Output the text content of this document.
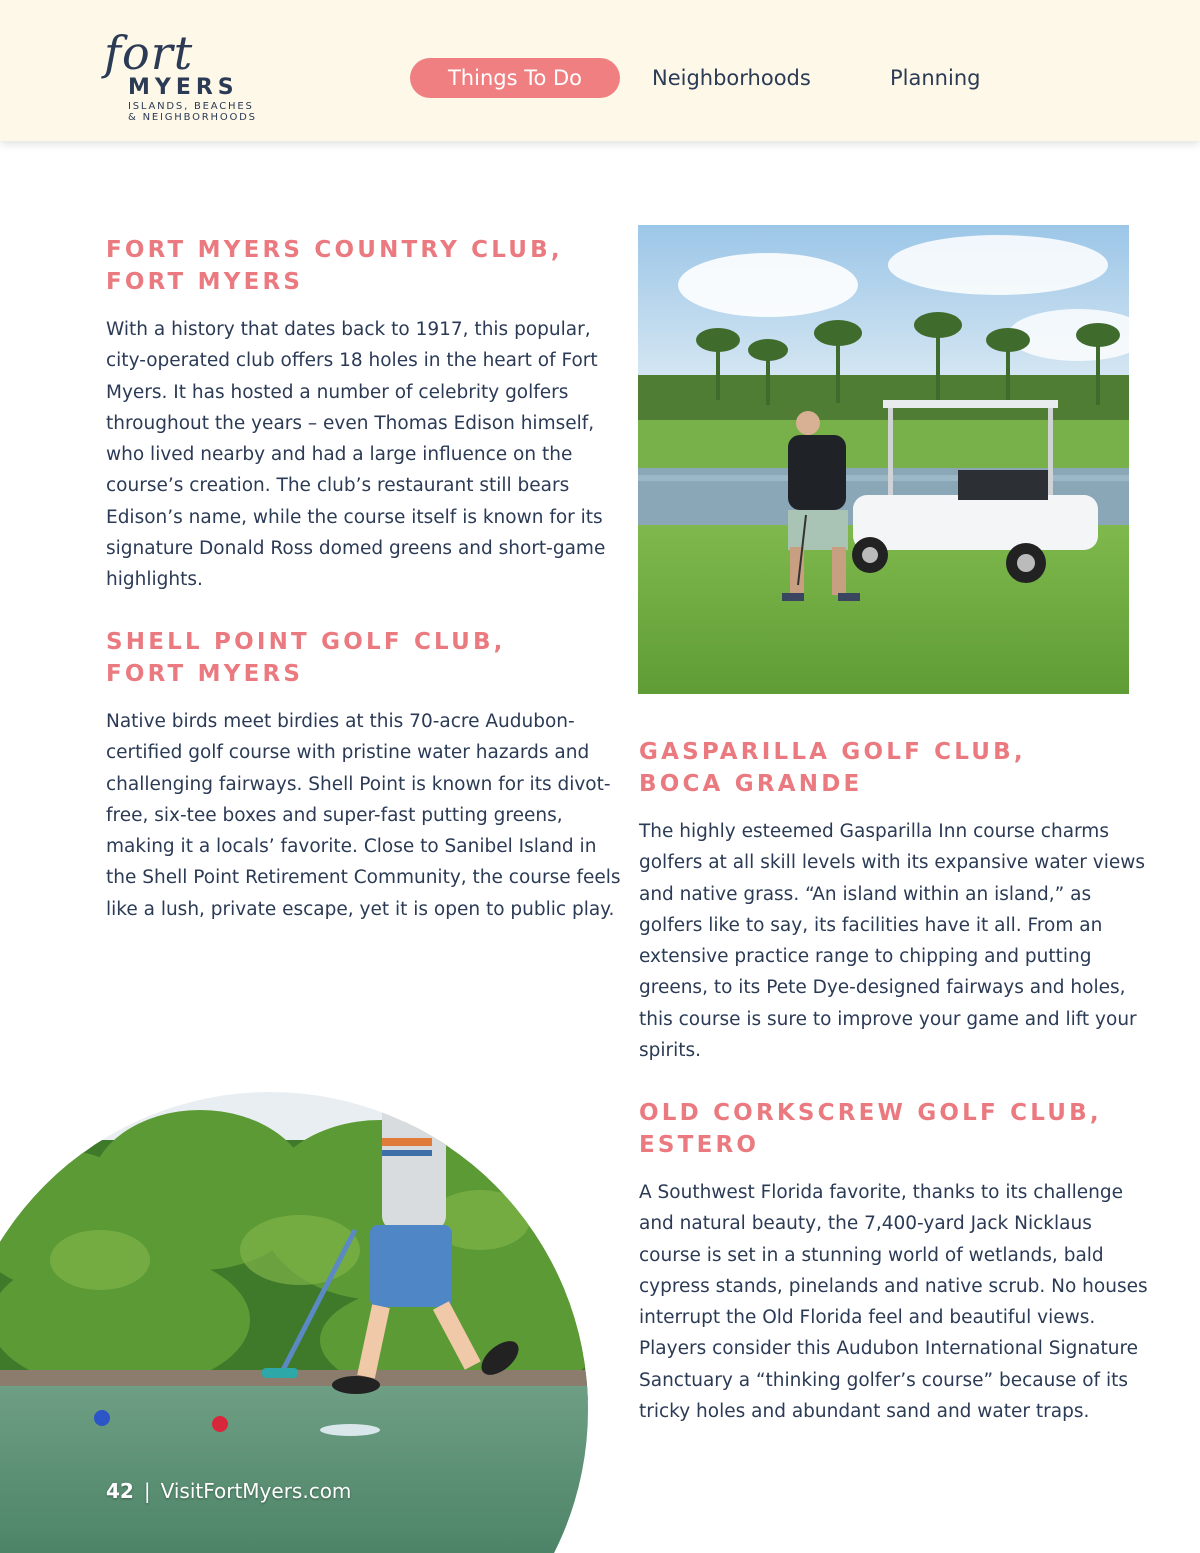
fort
MYERS
ISLANDS, BEACHES
& NEIGHBORHOODS
Things To Do	Neighborhoods	Planning
FORT MYERS COUNTRY CLUB,
FORT MYERS

With a history that dates back to 1917, this popular, city-operated club offers 18 holes in the heart of Fort Myers. It has hosted a number of celebrity golfers throughout the years – even Thomas Edison himself, who lived nearby and had a large influence on the course’s creation. The club’s restaurant still bears Edison’s name, while the course itself is known for its signature Donald Ross domed greens and short-game highlights.

SHELL POINT GOLF CLUB,
FORT MYERS

Native birds meet birdies at this 70-acre Audubon-certified golf course with pristine water hazards and challenging fairways. Shell Point is known for its divot-free, six-tee boxes and super-fast putting greens, making it a locals’ favorite. Close to Sanibel Island in the Shell Point Retirement Community, the course feels like a lush, private escape, yet it is open to public play.

GASPARILLA GOLF CLUB,
BOCA GRANDE

The highly esteemed Gasparilla Inn course charms golfers at all skill levels with its expansive water views and native grass. “An island within an island,” as golfers like to say, its facilities have it all. From an extensive practice range to chipping and putting greens, to its Pete Dye-designed fairways and holes, this course is sure to improve your game and lift your spirits.

OLD CORKSCREW GOLF CLUB,
ESTERO

A Southwest Florida favorite, thanks to its challenge and natural beauty, the 7,400-yard Jack Nicklaus course is set in a stunning world of wetlands, bald cypress stands, pinelands and native scrub. No houses interrupt the Old Florida feel and beautiful views. Players consider this Audubon International Signature Sanctuary a “thinking golfer’s course” because of its tricky holes and abundant sand and water traps.

42 | VisitFortMyers.com
